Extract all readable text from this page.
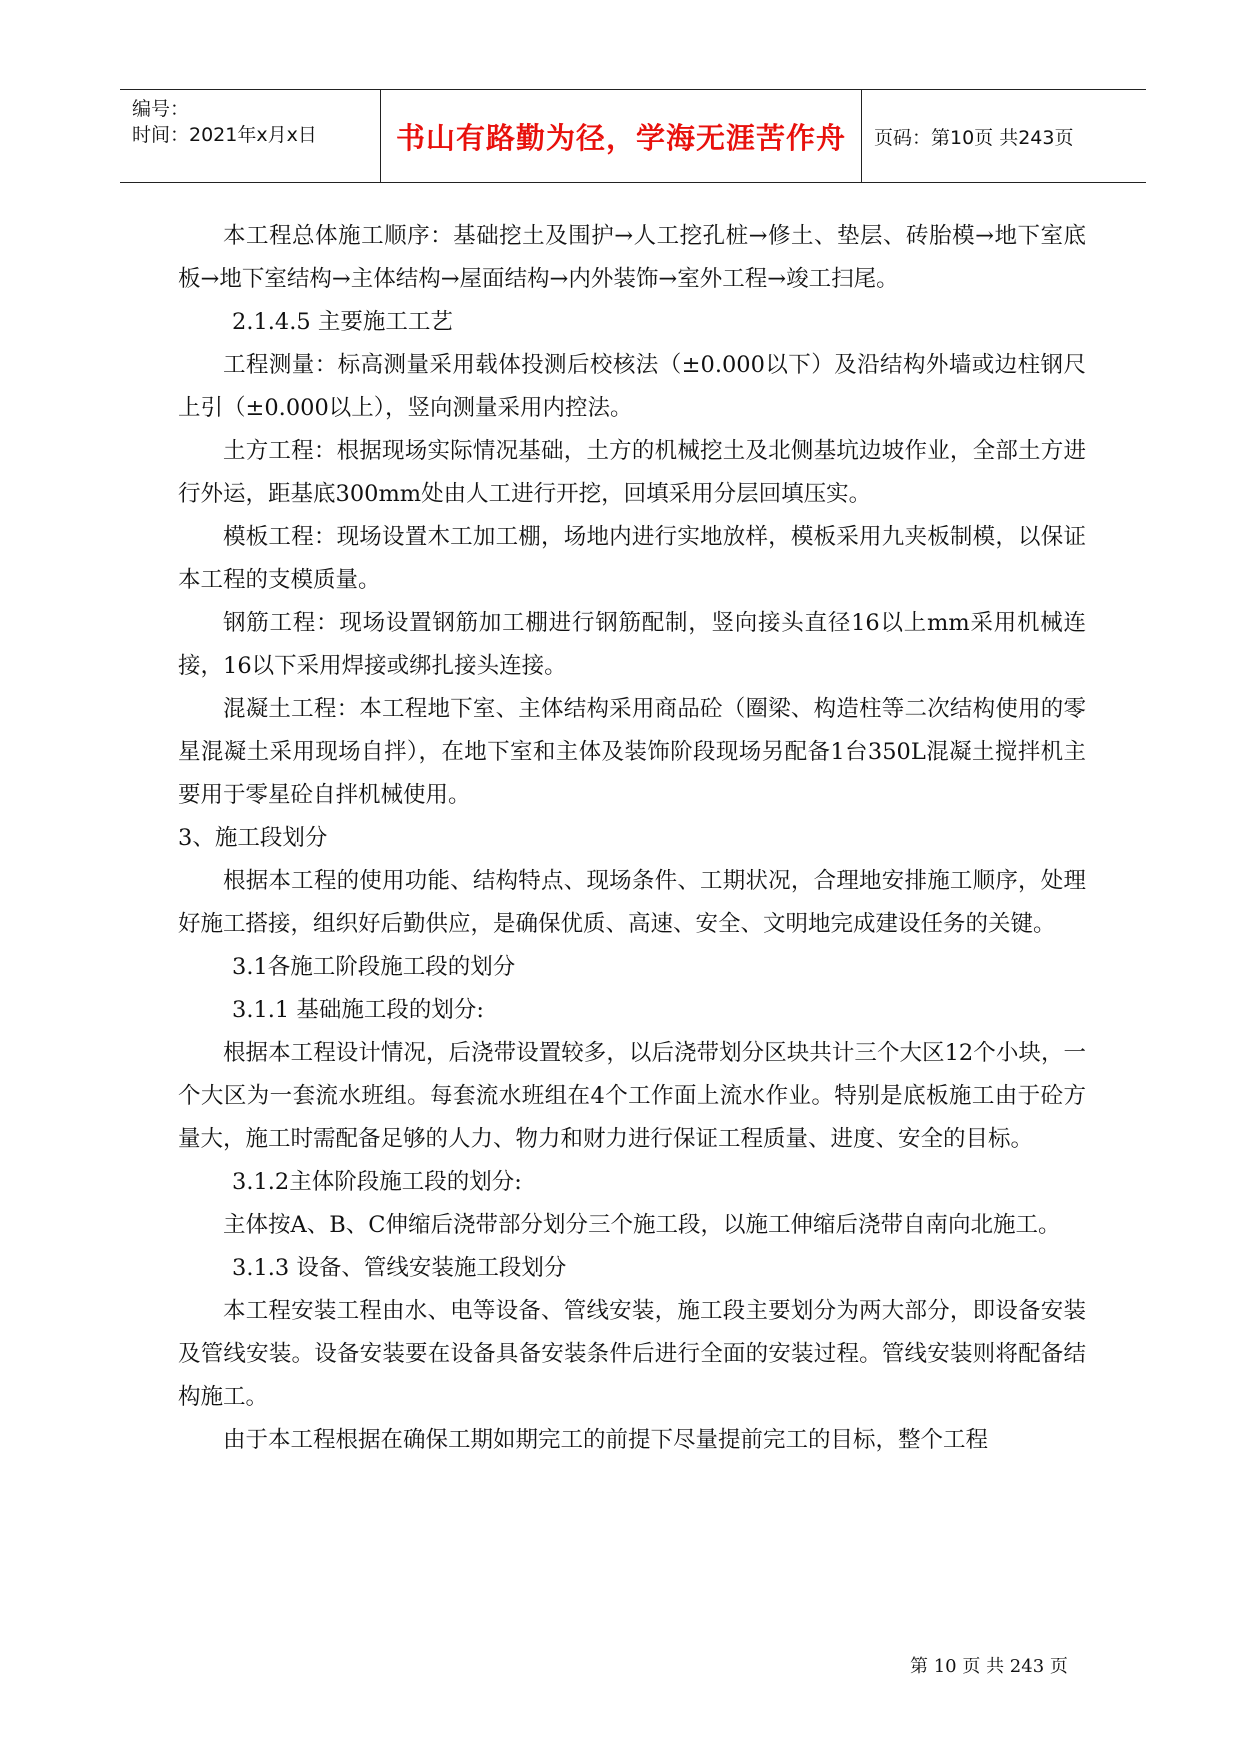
编号：
时间：2021年x月x日	书山有路勤为径，学海无涯苦作舟 页码：第10页 共243页

本工程总体施工顺序：基础挖土及围护→人工挖孔桩→修土、垫层、砖胎模→地下室底板→地下室结构→主体结构→屋面结构→内外装饰→室外工程→竣工扫尾。

2.1.4.5 主要施工工艺

工程测量：标高测量采用载体投测后校核法（±0.000以下）及沿结构外墙或边柱钢尺上引（±0.000以上），竖向测量采用内控法。

土方工程：根据现场实际情况基础，土方的机械挖土及北侧基坑边坡作业，全部土方进行外运，距基底300mm处由人工进行开挖，回填采用分层回填压实。

模板工程：现场设置木工加工棚，场地内进行实地放样，模板采用九夹板制模，以保证本工程的支模质量。

钢筋工程：现场设置钢筋加工棚进行钢筋配制，竖向接头直径16以上mm采用机械连接，16以下采用焊接或绑扎接头连接。

混凝土工程：本工程地下室、主体结构采用商品砼（圈梁、构造柱等二次结构使用的零星混凝土采用现场自拌），在地下室和主体及装饰阶段现场另配备1台350L混凝土搅拌机主要用于零星砼自拌机械使用。

3、施工段划分

根据本工程的使用功能、结构特点、现场条件、工期状况，合理地安排施工顺序，处理好施工搭接，组织好后勤供应，是确保优质、高速、安全、文明地完成建设任务的关键。

3.1各施工阶段施工段的划分

3.1.1 基础施工段的划分:

根据本工程设计情况，后浇带设置较多，以后浇带划分区块共计三个大区12个小块，一个大区为一套流水班组。每套流水班组在4个工作面上流水作业。特别是底板施工由于砼方量大，施工时需配备足够的人力、物力和财力进行保证工程质量、进度、安全的目标。

3.1.2主体阶段施工段的划分:

主体按A、B、C伸缩后浇带部分划分三个施工段，以施工伸缩后浇带自南向北施工。

3.1.3 设备、管线安装施工段划分

本工程安装工程由水、电等设备、管线安装，施工段主要划分为两大部分，即设备安装及管线安装。设备安装要在设备具备安装条件后进行全面的安装过程。管线安装则将配备结构施工。

由于本工程根据在确保工期如期完工的前提下尽量提前完工的目标，整个工程

第 10 页 共 243 页
